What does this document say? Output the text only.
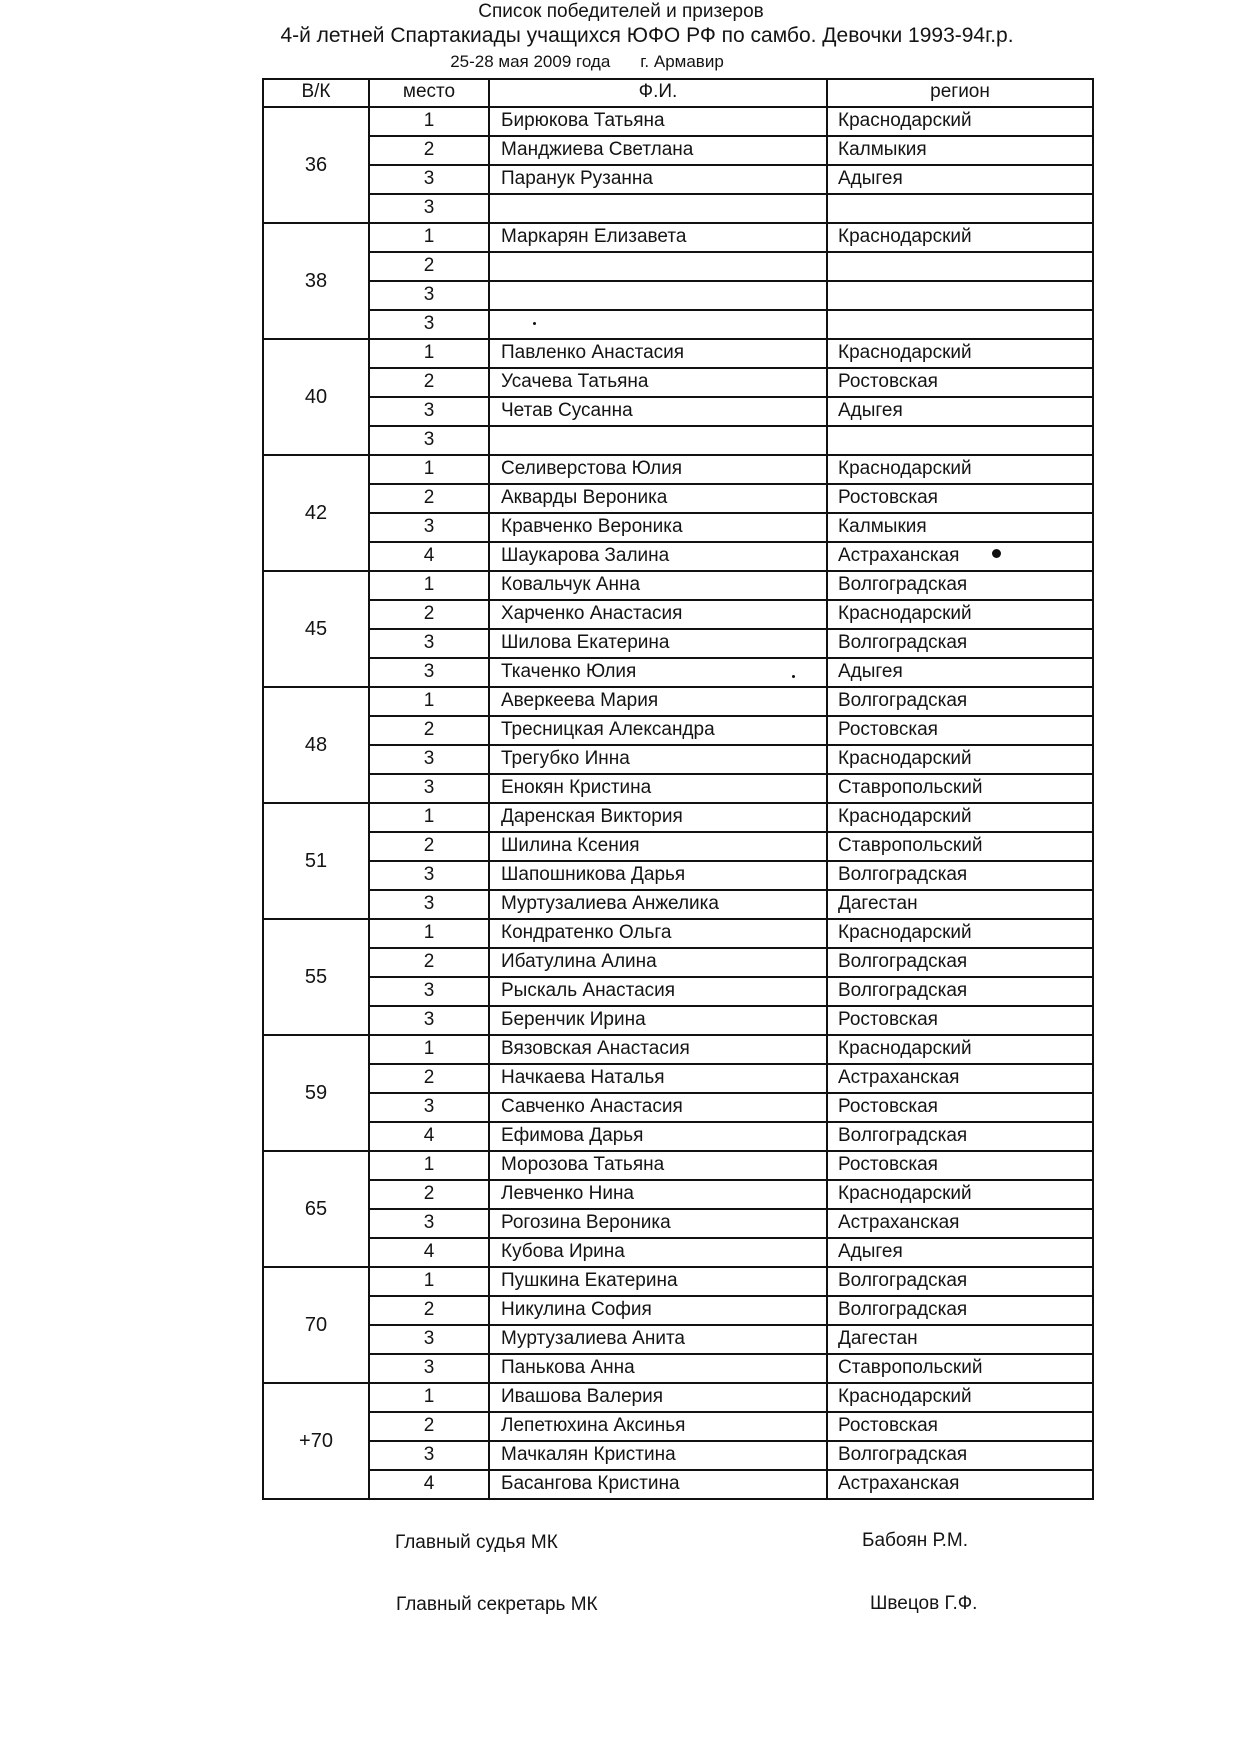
Список победителей и призеров
4-й летней Спартакиады учащихся ЮФО РФ по самбо. Девочки 1993-94г.р.
25-28 мая 2009 года г. Армавир
В/К	место	Ф.И.	регион
36
1	Бирюкова Татьяна	Краснодарский
2	Манджиева Светлана	Калмыкия
3	Паранук Рузанна	Адыгея
3
38
1	Маркарян Елизавета	Краснодарский
2
3
3
40
1	Павленко Анастасия	Краснодарский
2	Усачева Татьяна	Ростовская
3	Четав Сусанна	Адыгея
3
42
1	Селиверстова Юлия	Краснодарский
2	Акварды Вероника	Ростовская
3	Кравченко Вероника	Калмыкия
4	Шаукарова Залина	Астраханская
45
1	Ковальчук Анна	Волгоградская
2	Харченко Анастасия	Краснодарский
3	Шилова Екатерина	Волгоградская
3	Ткаченко Юлия	Адыгея
48
1	Аверкеева Мария	Волгоградская
2	Тресницкая Александра	Ростовская
3	Трегубко Инна	Краснодарский
3	Енокян Кристина	Ставропольский
51
1	Даренская Виктория	Краснодарский
2	Шилина Ксения	Ставропольский
3	Шапошникова Дарья	Волгоградская
3	Муртузалиева Анжелика	Дагестан
55
1	Кондратенко Ольга	Краснодарский
2	Ибатулина Алина	Волгоградская
3	Рыскаль Анастасия	Волгоградская
3	Беренчик Ирина	Ростовская
59
1	Вязовская Анастасия	Краснодарский
2	Начкаева Наталья	Астраханская
3	Савченко Анастасия	Ростовская
4	Ефимова Дарья	Волгоградская
65
1	Морозова Татьяна	Ростовская
2	Левченко Нина	Краснодарский
3	Рогозина Вероника	Астраханская
4	Кубова Ирина	Адыгея
70
1	Пушкина Екатерина	Волгоградская
2	Никулина София	Волгоградская
3	Муртузалиева Анита	Дагестан
3	Панькова Анна	Ставропольский
+70
1	Ивашова Валерия	Краснодарский
2	Лепетюхина Аксинья	Ростовская
3	Мачкалян Кристина	Волгоградская
4	Басангова Кристина	Астраханская
Главный судья МК	Бабоян Р.М.
Главный секретарь МК	Швецов Г.Ф.
